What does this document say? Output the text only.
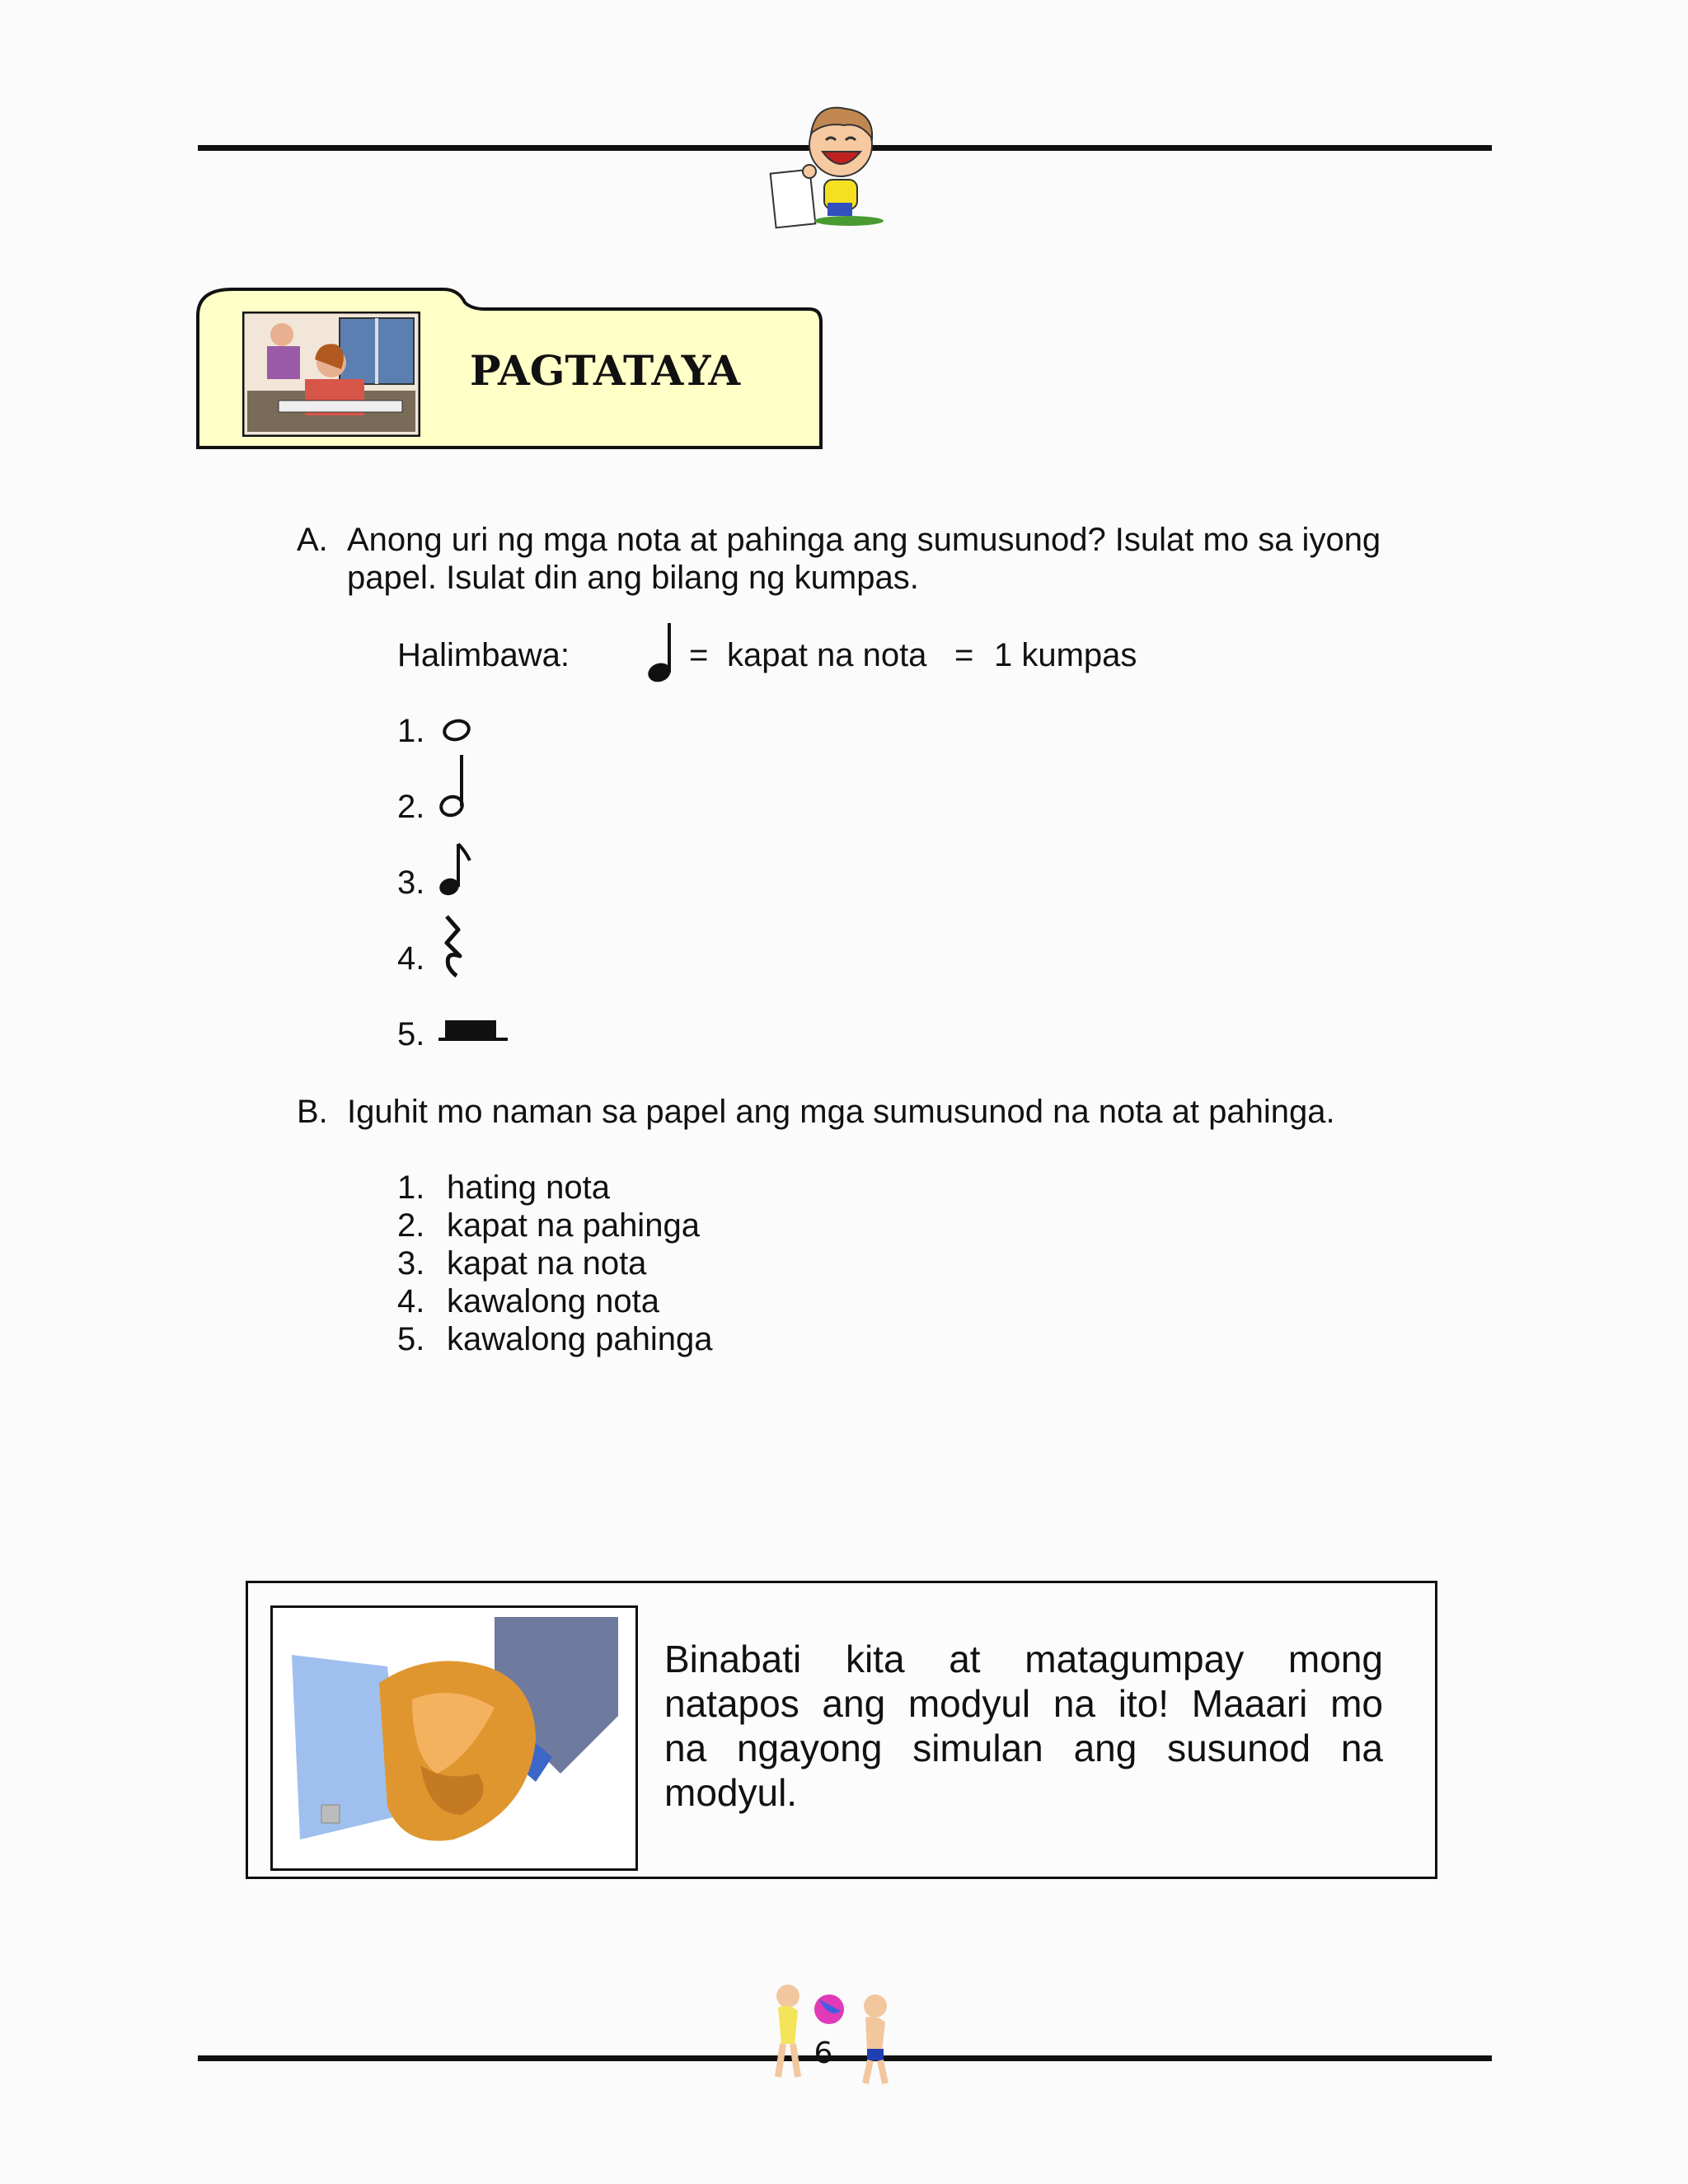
PAGTATAYA
A. Anong uri ng mga nota at pahinga ang sumusunod? Isulat mo sa iyong
papel. Isulat din ang bilang ng kumpas.
Halimbawa:	= kapat na nota = 1 kumpas
1.
2.
3.
4.
5.
B. Iguhit mo naman sa papel ang mga sumusunod na nota at pahinga.
1. hating nota
2. kapat na pahinga
3. kapat na nota
4. kawalong nota
5. kawalong pahinga
Binabati kita at matagumpay mong
natapos ang modyul na ito! Maaari mo
na ngayong simulan ang susunod na
modyul.
6
